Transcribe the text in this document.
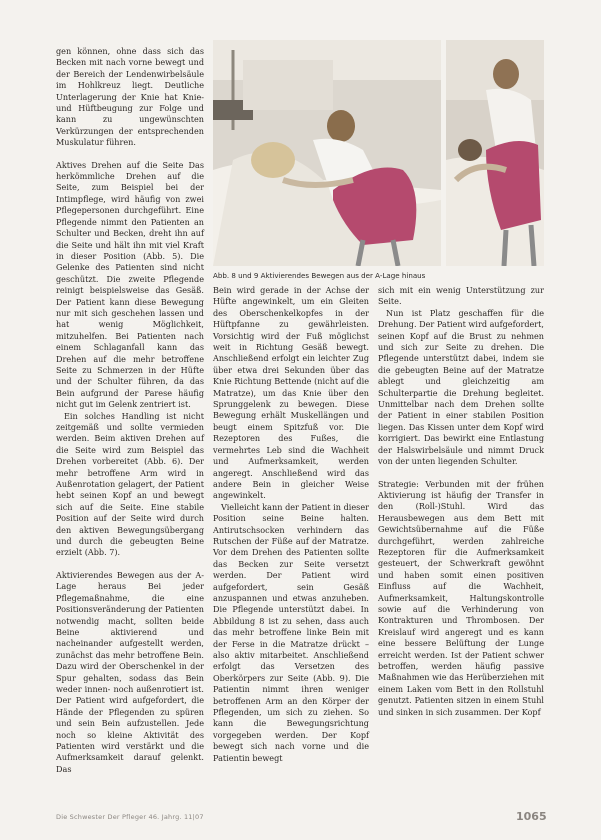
gen können, ohne dass sich das Becken mit nach vorne bewegt und der Bereich der Lendenwirbelsäule im Hohlkreuz liegt. Deutliche Unterlagerung der Knie hat Knie- und Hüftbeugung zur Folge und kann zu ungewünschten Verkürzungen der entsprechenden Muskulatur führen.

Aktives Drehen auf die Seite Das herkömmliche Drehen auf die Seite, zum Beispiel bei der Intimpflege, wird häufig von zwei Pflegepersonen durchgeführt. Eine Pflegende nimmt den Patienten an Schulter und Becken, dreht ihn auf die Seite und hält ihn mit viel Kraft in dieser Position (Abb. 5). Die Gelenke des Patienten sind nicht geschützt. Die zweite Pflegende reinigt beispielsweise das Gesäß. Der Patient kann diese Bewegung nur mit sich geschehen lassen und hat wenig Möglichkeit, mitzuhelfen. Bei Patienten nach einem Schlaganfall kann das Drehen auf die mehr betroffene Seite zu Schmerzen in der Hüfte und der Schulter führen, da das Bein aufgrund der Parese häufig nicht gut im Gelenk zentriert ist.

Ein solches Handling ist nicht zeitgemäß und sollte vermieden werden. Beim aktiven Drehen auf die Seite wird zum Beispiel das Drehen vorbereitet (Abb. 6). Der mehr betroffene Arm wird in Außenrotation gelagert, der Patient hebt seinen Kopf an und bewegt sich auf die Seite. Eine stabile Position auf der Seite wird durch den aktiven Bewegungsübergang und durch die gebeugten Beine erzielt (Abb. 7).

Aktivierendes Bewegen aus der A-Lage heraus Bei jeder Pflegemaßnahme, die eine Positionsveränderung der Patienten notwendig macht, sollten beide Beine aktivierend und nacheinander aufgestellt werden, zunächst das mehr betroffene Bein. Dazu wird der Oberschenkel in der Spur gehalten, sodass das Bein weder innen- noch außenrotiert ist. Der Patient wird aufgefordert, die Hände der Pflegenden zu spüren und sein Bein aufzustellen. Jede noch so kleine Aktivität des Patienten wird verstärkt und die Aufmerksamkeit darauf gelenkt. Das

Abb. 8 und 9 Aktivierendes Bewegen aus der A-Lage hinaus

Bein wird gerade in der Achse der Hüfte angewinkelt, um ein Gleiten des Oberschenkelkopfes in der Hüftpfanne zu gewährleisten. Vorsichtig wird der Fuß möglichst weit in Richtung Gesäß bewegt. Anschließend erfolgt ein leichter Zug über etwa drei Sekunden über das Knie Richtung Bettende (nicht auf die Matratze), um das Knie über den Sprunggelenk zu bewegen. Diese Bewegung erhält Muskellängen und beugt einem Spitzfuß vor. Die Rezeptoren des Fußes, die vermehrtes Leb sind die Wachheit und Aufmerksamkeit, werden angeregt. Anschließend wird das andere Bein in gleicher Weise angewinkelt.

Vielleicht kann der Patient in dieser Position seine Beine halten. Antirutschsocken verhindern das Rutschen der Füße auf der Matratze. Vor dem Drehen des Patienten sollte das Becken zur Seite versetzt werden. Der Patient wird aufgefordert, sein Gesäß anzuspannen und etwas anzuheben. Die Pflegende unterstützt dabei. In Abbildung 8 ist zu sehen, dass auch das mehr betroffene linke Bein mit der Ferse in die Matratze drückt – also aktiv mitarbeitet. Anschließend erfolgt das Versetzen des Oberkörpers zur Seite (Abb. 9). Die Patientin nimmt ihren weniger betroffenen Arm an den Körper der Pflegenden, um sich zu ziehen. So kann die Bewegungsrichtung vorgegeben werden. Der Kopf bewegt sich nach vorne und die Patientin bewegt

sich mit ein wenig Unterstützung zur Seite.

Nun ist Platz geschaffen für die Drehung. Der Patient wird aufgefordert, seinen Kopf auf die Brust zu nehmen und sich zur Seite zu drehen. Die Pflegende unterstützt dabei, indem sie die gebeugten Beine auf der Matratze ablegt und gleichzeitig am Schulterpartie die Drehung begleitet. Unmittelbar nach dem Drehen sollte der Patient in einer stabilen Position liegen. Das Kissen unter dem Kopf wird korrigiert. Das bewirkt eine Entlastung der Halswirbelsäule und nimmt Druck von der unten liegenden Schulter.

Strategie: Verbunden mit der frühen Aktivierung ist häufig der Transfer in den (Roll-)Stuhl. Wird das Herausbewegen aus dem Bett mit Gewichtsübernahme auf die Füße durchgeführt, werden zahlreiche Rezeptoren für die Aufmerksamkeit gesteuert, der Schwerkraft gewöhnt und haben somit einen positiven Einfluss auf die Wachheit, Aufmerksamkeit, Haltungskontrolle sowie auf die Verhinderung von Kontrakturen und Thrombosen. Der Kreislauf wird angeregt und es kann eine bessere Belüftung der Lunge erreicht werden. Ist der Patient schwer betroffen, werden häufig passive Maßnahmen wie das Herüberziehen mit einem Laken vom Bett in den Rollstuhl genutzt. Patienten sitzen in einem Stuhl und sinken in sich zusammen. Der Kopf

Die Schwester Der Pfleger 46. Jahrg. 11|07	1065
